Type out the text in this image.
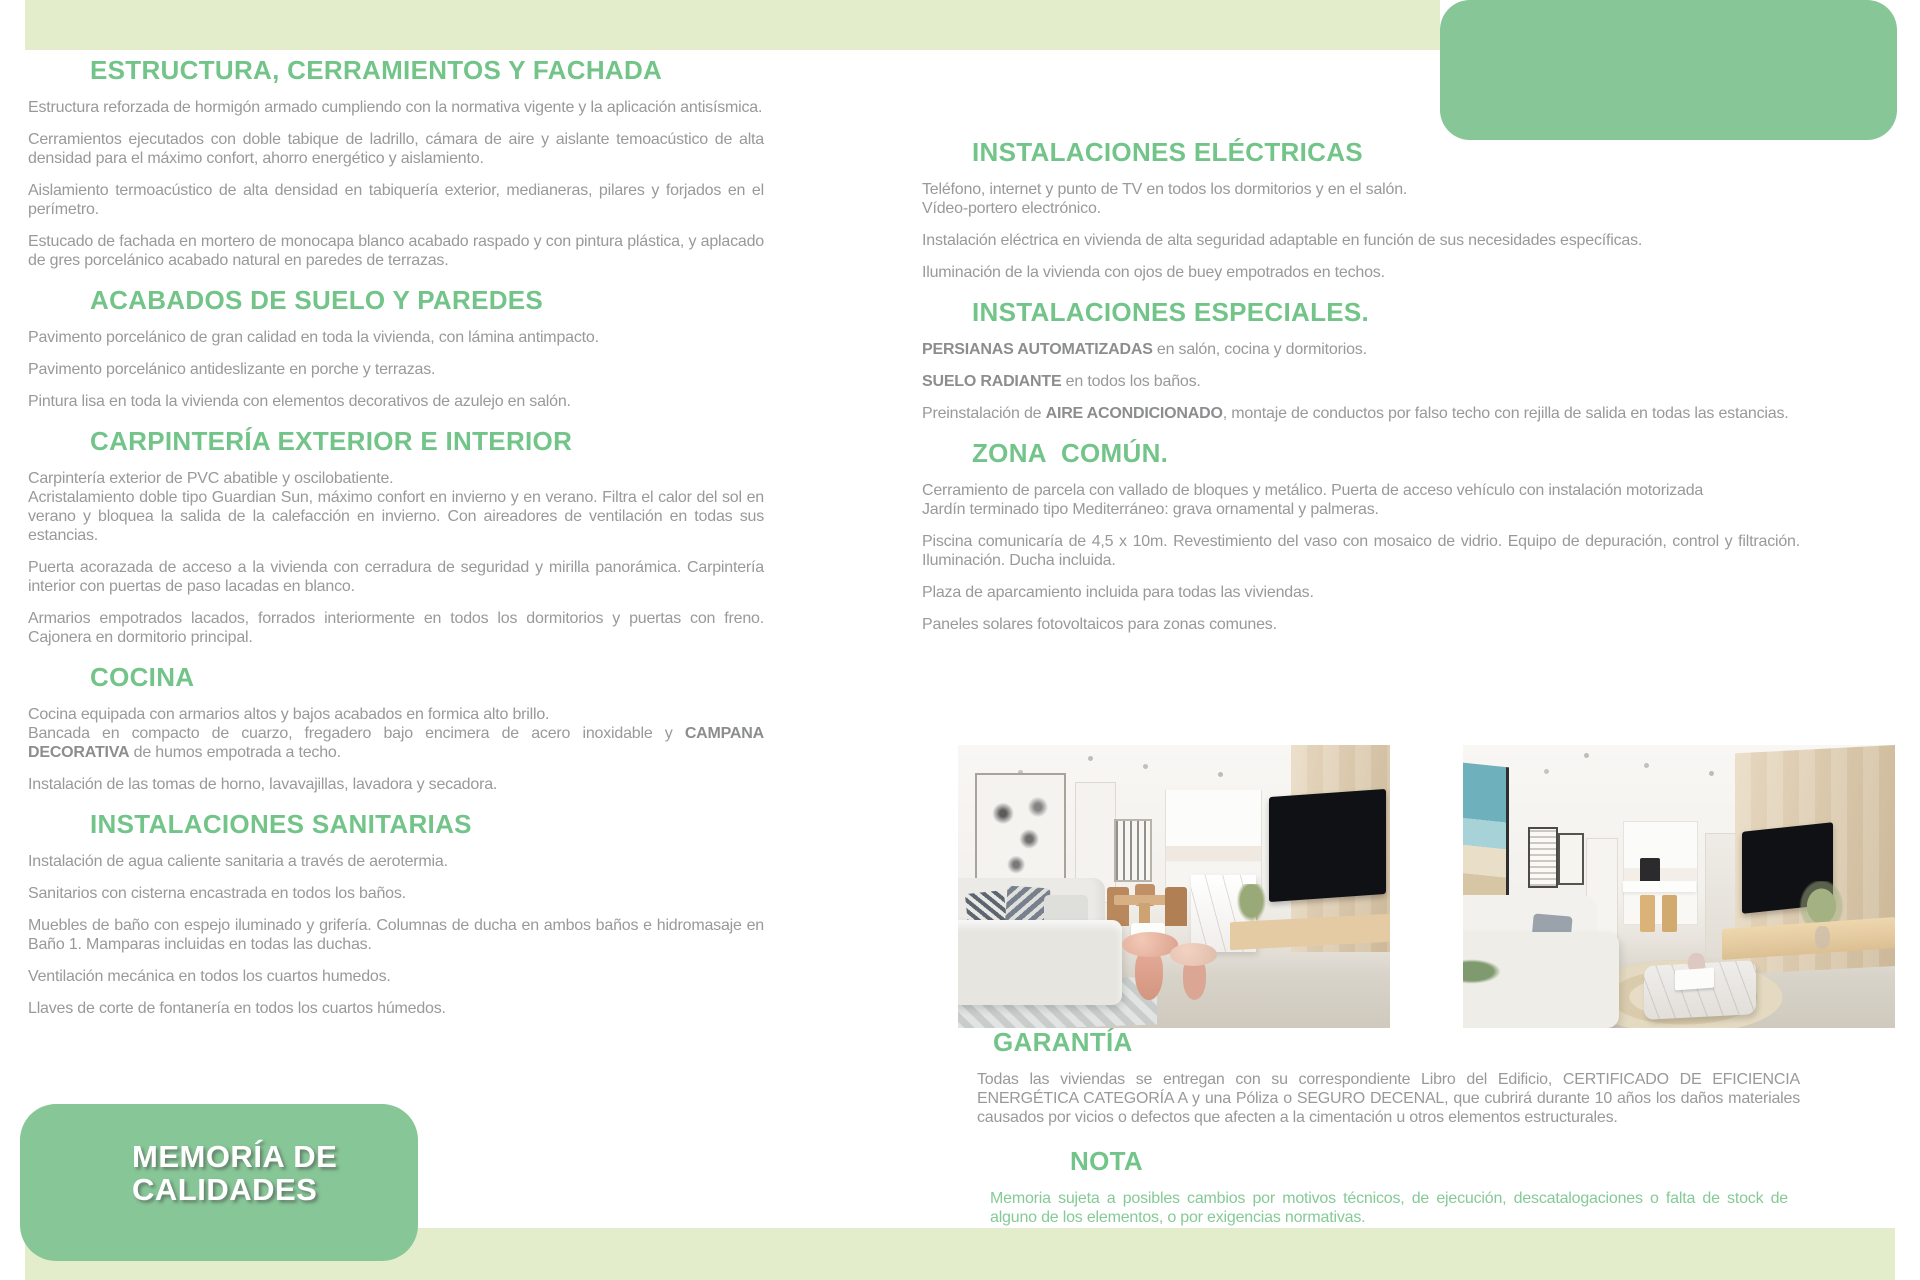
ESTRUCTURA, CERRAMIENTOS Y FACHADA

Estructura reforzada de hormigón armado cumpliendo con la normativa vigente y la aplicación antisísmica.

Cerramientos ejecutados con doble tabique de ladrillo, cámara de aire y aislante temoacústico de alta densidad para el máximo confort, ahorro energético y aislamiento.

Aislamiento termoacústico de alta densidad en tabiquería exterior, medianeras, pilares y forjados en el perímetro.

Estucado de fachada en mortero de monocapa blanco acabado raspado y con pintura plástica, y aplacado de gres porcelánico acabado natural en paredes de terrazas.

ACABADOS DE SUELO Y PAREDES

Pavimento porcelánico de gran calidad en toda la vivienda, con lámina antimpacto.

Pavimento porcelánico antideslizante en porche y terrazas.

Pintura lisa en toda la vivienda con elementos decorativos de azulejo en salón.

CARPINTERÍA EXTERIOR E INTERIOR

Carpintería exterior de PVC abatible y oscilobatiente.

Acristalamiento doble tipo Guardian Sun, máximo confort en invierno y en verano. Filtra el calor del sol en verano y bloquea la salida de la calefacción en invierno. Con aireadores de ventilación en todas sus estancias.

Puerta acorazada de acceso a la vivienda con cerradura de seguridad y mirilla panorámica. Carpintería interior con puertas de paso lacadas en blanco.

Armarios empotrados lacados, forrados interiormente en todos los dormitorios y puertas con freno. Cajonera en dormitorio principal.

COCINA

Cocina equipada con armarios altos y bajos acabados en formica alto brillo.

Bancada en compacto de cuarzo, fregadero bajo encimera de acero inoxidable y CAMPANA DECORATIVA de humos empotrada a techo.

Instalación de las tomas de horno, lavavajillas, lavadora y secadora.

INSTALACIONES SANITARIAS

Instalación de agua caliente sanitaria a través de aerotermia.

Sanitarios con cisterna encastrada en todos los baños.

Muebles de baño con espejo iluminado y grifería. Columnas de ducha en ambos baños e hidromasaje en Baño 1. Mamparas incluidas en todas las duchas.

Ventilación mecánica en todos los cuartos humedos.

Llaves de corte de fontanería en todos los cuartos húmedos.

INSTALACIONES ELÉCTRICAS

Teléfono, internet y punto de TV en todos los dormitorios y en el salón.

Vídeo-portero electrónico.

Instalación eléctrica en vivienda de alta seguridad adaptable en función de sus necesidades específicas.

Iluminación de la vivienda con ojos de buey empotrados en techos.

INSTALACIONES ESPECIALES.

PERSIANAS AUTOMATIZADAS en salón, cocina y dormitorios.

SUELO RADIANTE en todos los baños.

Preinstalación de AIRE ACONDICIONADO, montaje de conductos por falso techo con rejilla de salida en todas las estancias.

ZONA  COMÚN.

Cerramiento de parcela con vallado de bloques y metálico. Puerta de acceso vehículo con instalación motorizada

Jardín terminado tipo Mediterráneo: grava ornamental y palmeras.

Piscina comunicaría de 4,5 x 10m. Revestimiento del vaso con mosaico de vidrio. Equipo de depuración, control y filtración. Iluminación. Ducha incluida.

Plaza de aparcamiento incluida para todas las viviendas.

Paneles solares fotovoltaicos para zonas comunes.

GARANTÍA

Todas las viviendas se entregan con su correspondiente Libro del Edificio, CERTIFICADO DE EFICIENCIA ENERGÉTICA CATEGORÍA A y una Póliza o SEGURO DECENAL, que cubrirá durante 10 años los daños materiales causados por vicios o defectos que afecten a la cimentación u otros elementos estructurales.

NOTA

Memoria sujeta a posibles cambios por motivos técnicos, de ejecución, descatalogaciones o falta de stock de alguno de los elementos, o por exigencias normativas.

MEMORÍA DE
CALIDADES
